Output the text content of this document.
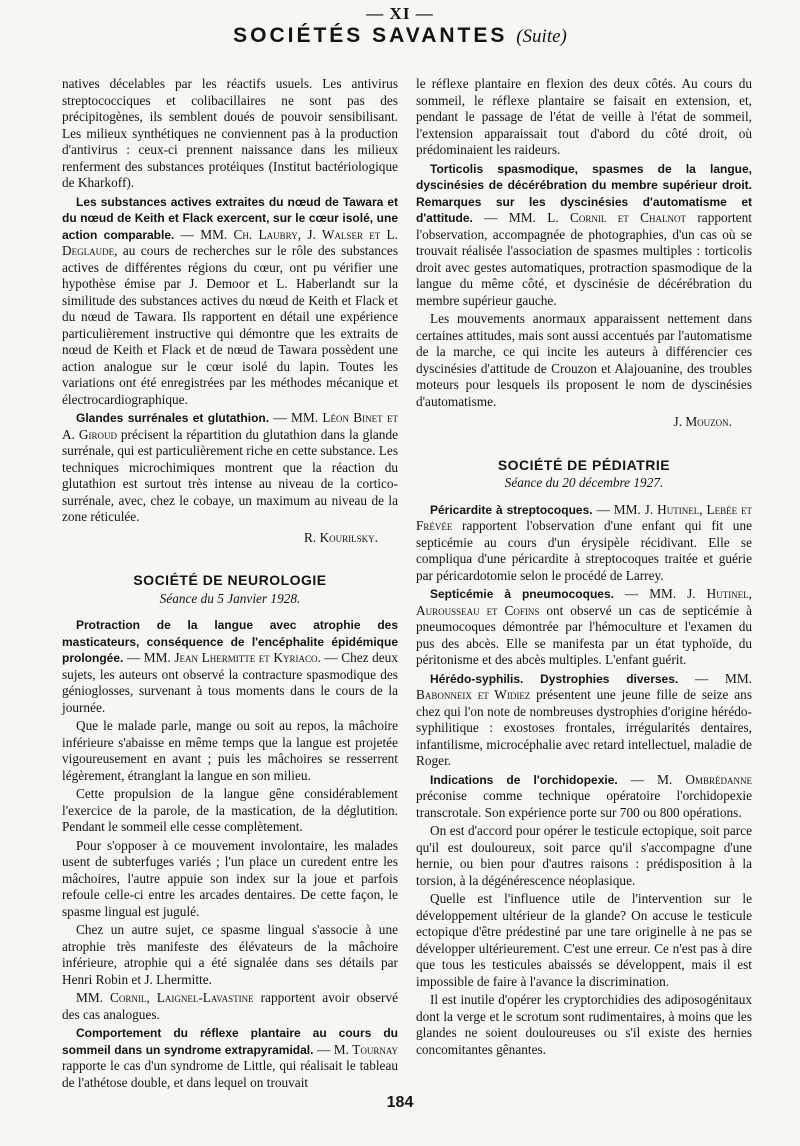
— XI —
SOCIÉTÉS SAVANTES (Suite)

natives décelables par les réactifs usuels. Les antivirus streptococciques et colibacillaires ne sont pas des précipitogènes, ils semblent doués de pouvoir sensibilisant. Les milieux synthétiques ne conviennent pas à la production d'antivirus : ceux-ci prennent naissance dans les milieux renferment des substances protéiques (Institut bactériologique de Kharkoff).

Les substances actives extraites du nœud de Tawara et du nœud de Keith et Flack exercent, sur le cœur isolé, une action comparable. — MM. Ch. Laubry, J. Walser et L. Deglaude, au cours de recherches sur le rôle des substances actives de différentes régions du cœur, ont pu vérifier une hypothèse émise par J. Demoor et L. Haberlandt sur la similitude des substances actives du nœud de Keith et Flack et du nœud de Tawara. Ils rapportent en détail une expérience particulièrement instructive qui démontre que les extraits de nœud de Keith et Flack et de nœud de Tawara possèdent une action analogue sur le cœur isolé du lapin. Toutes les variations ont été enregistrées par les méthodes mécanique et électrocardiographique.

Glandes surrénales et glutathion. — MM. Léon Binet et A. Giroud précisent la répartition du glutathion dans la glande surrénale, qui est particulièrement riche en cette substance. Les techniques microchimiques montrent que la réaction du glutathion est surtout très intense au niveau de la cortico-surrénale, avec, chez le cobaye, un maximum au niveau de la zone réticulée.

R. Kourilsky.

SOCIÉTÉ DE NEUROLOGIE

Séance du 5 Janvier 1928.

Protraction de la langue avec atrophie des masticateurs, conséquence de l'encéphalite épidémique prolongée. — MM. Jean Lhermitte et Kyriaco. — Chez deux sujets, les auteurs ont observé la contracture spasmodique des génioglosses, survenant à tous moments dans le cours de la journée.

Que le malade parle, mange ou soit au repos, la mâchoire inférieure s'abaisse en même temps que la langue est projetée vigoureusement en avant ; puis les mâchoires se resserrent légèrement, étranglant la langue en son milieu.

Cette propulsion de la langue gêne considérablement l'exercice de la parole, de la mastication, de la déglutition. Pendant le sommeil elle cesse complètement.

Pour s'opposer à ce mouvement involontaire, les malades usent de subterfuges variés ; l'un place un curedent entre les mâchoires, l'autre appuie son index sur la joue et parfois refoule celle-ci entre les arcades dentaires. De cette façon, le spasme lingual est jugulé.

Chez un autre sujet, ce spasme lingual s'associe à une atrophie très manifeste des élévateurs de la mâchoire inférieure, atrophie qui a été signalée dans ses détails par Henri Robin et J. Lhermitte.

MM. Cornil, Laignel-Lavastine rapportent avoir observé des cas analogues.

Comportement du réflexe plantaire au cours du sommeil dans un syndrome extrapyramidal. — M. Tournay rapporte le cas d'un syndrome de Little, qui réalisait le tableau de l'athétose double, et dans lequel on trouvait

le réflexe plantaire en flexion des deux côtés. Au cours du sommeil, le réflexe plantaire se faisait en extension, et, pendant le passage de l'état de veille à l'état de sommeil, l'extension apparaissait tout d'abord du côté droit, où prédominaient les raideurs.

Torticolis spasmodique, spasmes de la langue, dyscinésies de décérébration du membre supérieur droit. Remarques sur les dyscinésies d'automatisme et d'attitude. — MM. L. Cornil et Chalnot rapportent l'observation, accompagnée de photographies, d'un cas où se trouvait réalisée l'association de spasmes multiples : torticolis droit avec gestes automatiques, protraction spasmodique de la langue du même côté, et dyscinésie de décérébration du membre supérieur gauche.

Les mouvements anormaux apparaissent nettement dans certaines attitudes, mais sont aussi accentués par l'automatisme de la marche, ce qui incite les auteurs à différencier ces dyscinésies d'attitude de Crouzon et Alajouanine, des troubles moteurs pour lesquels ils proposent le nom de dyscinésies d'automatisme.

J. Mouzon.

SOCIÉTÉ DE PÉDIATRIE

Séance du 20 décembre 1927.

Péricardite à streptocoques. — MM. J. Hutinel, Lebée et Frévée rapportent l'observation d'une enfant qui fit une septicémie au cours d'un érysipèle récidivant. Elle se compliqua d'une péricardite à streptocoques traitée et guérie par péricardotomie selon le procédé de Larrey.

Septicémie à pneumocoques. — MM. J. Hutinel, Aurousseau et Cofins ont observé un cas de septicémie à pneumocoques démontrée par l'hémoculture et l'examen du pus des abcès. Elle se manifesta par un état typhoïde, du péritonisme et des abcès multiples. L'enfant guérit.

Hérédo-syphilis. Dystrophies diverses. — MM. Babonneix et Widiez présentent une jeune fille de seize ans chez qui l'on note de nombreuses dystrophies d'origine hérédo-syphilitique : exostoses frontales, irrégularités dentaires, infantilisme, microcéphalie avec retard intellectuel, maladie de Roger.

Indications de l'orchidopexie. — M. Ombrédanne préconise comme technique opératoire l'orchidopexie transcrotale. Son expérience porte sur 700 ou 800 opérations.

On est d'accord pour opérer le testicule ectopique, soit parce qu'il est douloureux, soit parce qu'il s'accompagne d'une hernie, ou bien pour d'autres raisons : prédisposition à la torsion, à la dégénérescence néoplasique.

Quelle est l'influence utile de l'intervention sur le développement ultérieur de la glande? On accuse le testicule ectopique d'être prédestiné par une tare originelle à ne pas se développer ultérieurement. C'est une erreur. Ce n'est pas à dire que tous les testicules abaissés se développent, mais il est impossible de faire à l'avance la discrimination.

Il est inutile d'opérer les cryptorchidies des adiposogénitaux dont la verge et le scrotum sont rudimentaires, à moins que les glandes ne soient douloureuses ou s'il existe des hernies concomitantes gênantes.

184
